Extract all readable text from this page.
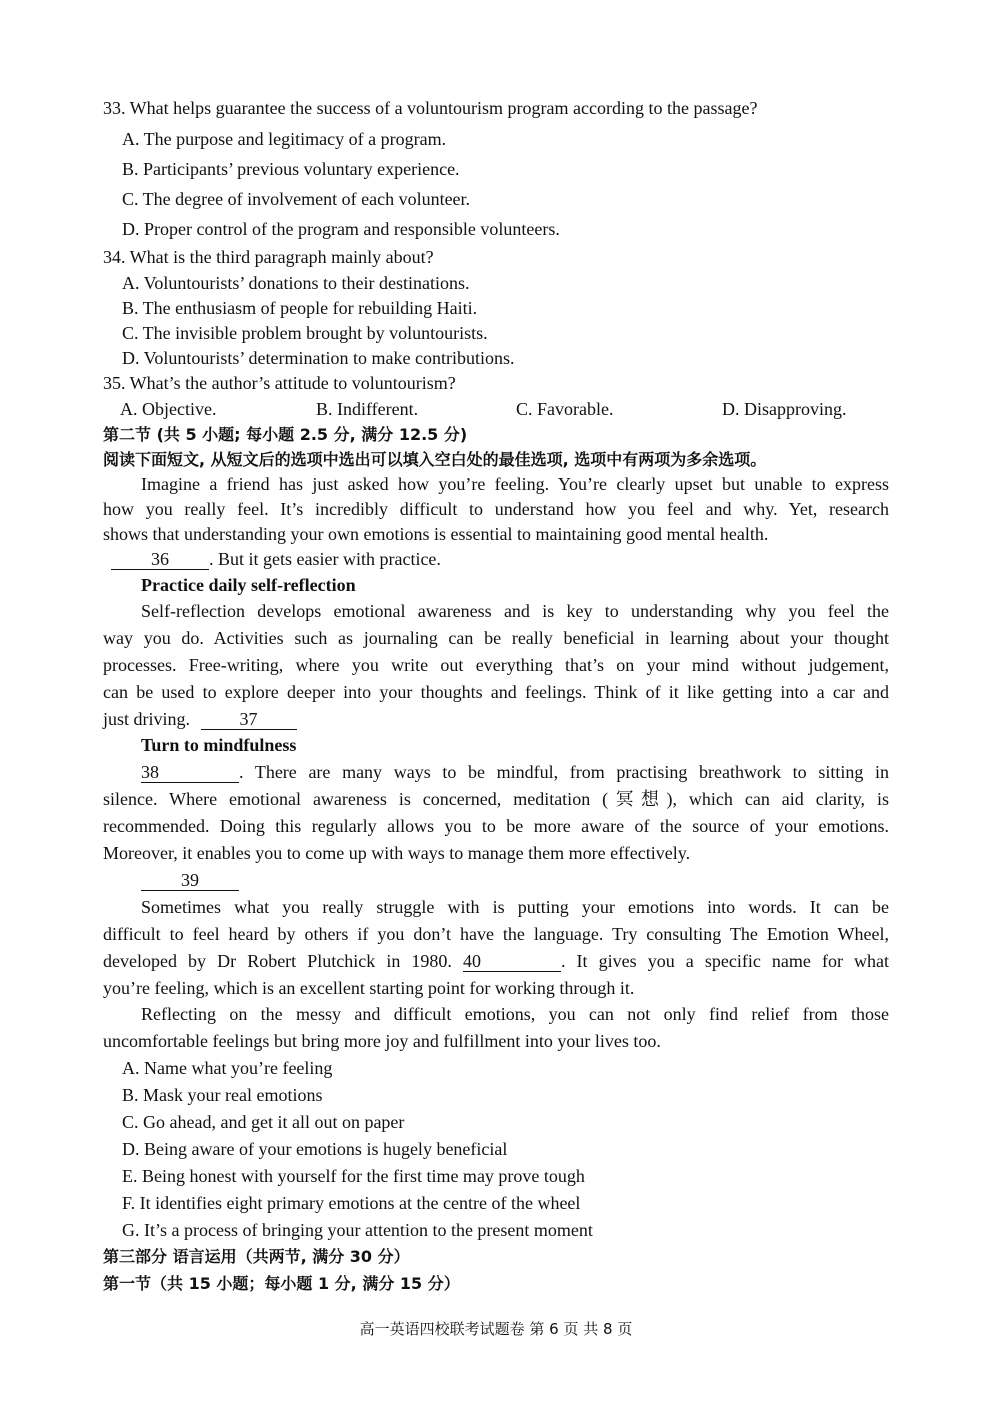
33. What helps guarantee the success of a voluntourism program according to the passage?
A. The purpose and legitimacy of a program.
B. Participants’ previous voluntary experience.
C. The degree of involvement of each volunteer.
D. Proper control of the program and responsible volunteers.
34. What is the third paragraph mainly about?
A. Voluntourists’ donations to their destinations.
B. The enthusiasm of people for rebuilding Haiti.
C. The invisible problem brought by voluntourists.
D. Voluntourists’ determination to make contributions.
35. What’s the author’s attitude to voluntourism?
A. Objective.	B. Indifferent.	C. Favorable.	D. Disapproving.
第二节 (共 5 小题; 每小题 2.5 分, 满分 12.5 分)
阅读下面短文, 从短文后的选项中选出可以填入空白处的最佳选项, 选项中有两项为多余选项。
Imagine a friend has just asked how you’re feeling. You’re clearly upset but unable to express
how you really feel. It’s incredibly difficult to understand how you feel and why. Yet, research
shows that understanding your own emotions is essential to maintaining good mental health.
36 . But it gets easier with practice.
Practice daily self-reflection
Self-reflection develops emotional awareness and is key to understanding why you feel the
way you do. Activities such as journaling can be really beneficial in learning about your thought
processes. Free-writing, where you write out everything that’s on your mind without judgement,
can be used to explore deeper into your thoughts and feelings. Think of it like getting into a car and
just driving.	37
Turn to mindfulness
38	. There are many ways to be mindful, from practising breathwork to sitting in
silence. Where emotional awareness is concerned, meditation (冥想), which can aid clarity, is
recommended. Doing this regularly allows you to be more aware of the source of your emotions.
Moreover, it enables you to come up with ways to manage them more effectively.
39
Sometimes what you really struggle with is putting your emotions into words. It can be
difficult to feel heard by others if you don’t have the language. Try consulting The Emotion Wheel,
developed by Dr Robert Plutchick in 1980. 40	. It gives you a specific name for what
you’re feeling, which is an excellent starting point for working through it.
Reflecting on the messy and difficult emotions, you can not only find relief from those
uncomfortable feelings but bring more joy and fulfillment into your lives too.
A. Name what you’re feeling
B. Mask your real emotions
C. Go ahead, and get it all out on paper
D. Being aware of your emotions is hugely beneficial
E. Being honest with yourself for the first time may prove tough
F. It identifies eight primary emotions at the centre of the wheel
G. It’s a process of bringing your attention to the present moment
第三部分 语言运用（共两节, 满分 30 分）
第一节（共 15 小题；每小题 1 分, 满分 15 分）
高一英语四校联考试题卷 第 6 页 共 8 页
